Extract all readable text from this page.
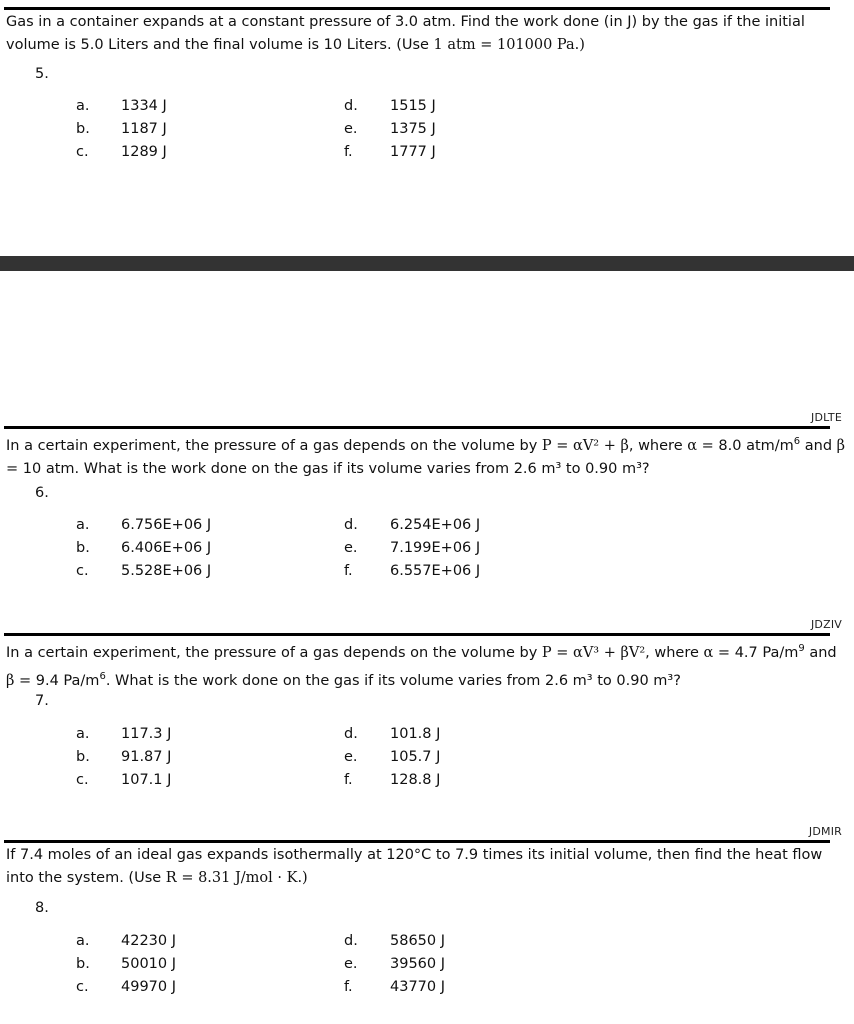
Gas in a container expands at a constant pressure of 3.0 atm. Find the work done (in J) by the gas if the initial volume is 5.0 Liters and the final volume is 10 Liters. (Use 1 atm = 101000 Pa.)
5.
JDLTE
In a certain experiment, the pressure of a gas depends on the volume by P = αV² + β, where α = 8.0 atm/$m^6$ and β = 10 atm. What is the work done on the gas if its volume varies from 2.6 m³ to 0.90 m³?
6.
JDZIV
In a certain experiment, the pressure of a gas depends on the volume by P = αV³ + βV², where α = 4.7 $Pa/m^9$ and β = 9.4 $Pa/m^6$. What is the work done on the gas if its volume varies from 2.6 m³ to 0.90 m³?
7.
JDMIR
If 7.4 moles of an ideal gas expands isothermally at 120°C to 7.9 times its initial volume, then find the heat flow into the system. (Use R = 8.31 J/mol · K.)
8.
a. 1334 J
b. 1187 J
c. 1289 J
d. 1515 J
e. 1375 J
f.	1777 J
a. 6.756E+06 J
b. 6.406E+06 J
c. 5.528E+06 J
d. 6.254E+06 J
e. 7.199E+06 J
f.	6.557E+06 J
a. 117.3 J
b. 91.87 J
c. 107.1 J
d. 101.8 J
e. 105.7 J
f.	128.8 J
a. 42230 J
b. 50010 J
c. 49970 J
d. 58650 J
e. 39560 J
f.	43770 J
